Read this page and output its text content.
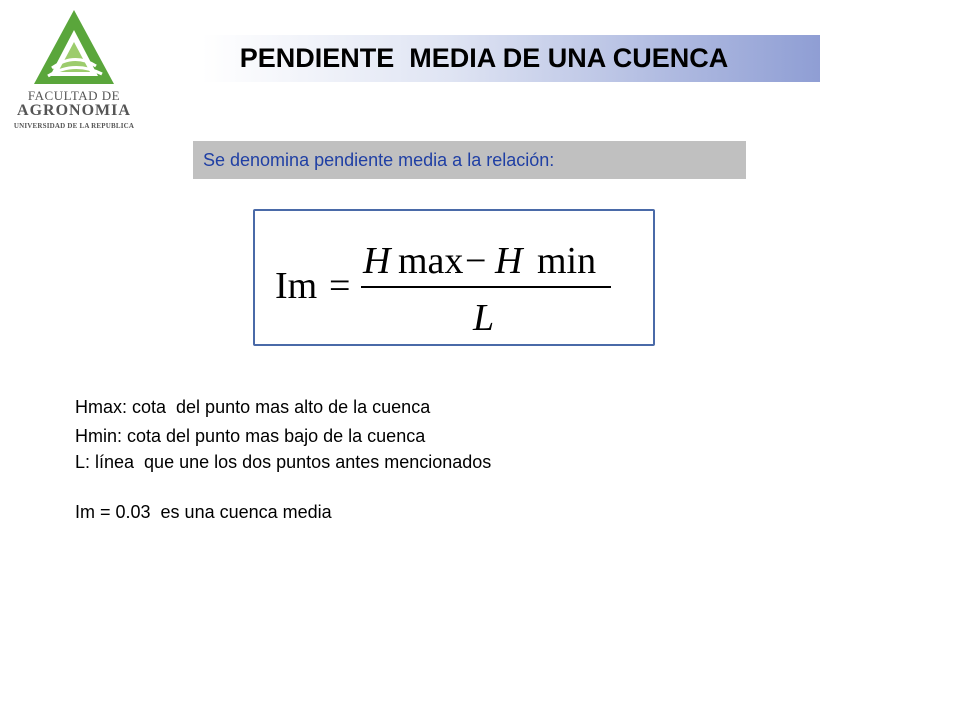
FACULTAD DE
AGRONOMIA
UNIVERSIDAD DE LA REPUBLICA
PENDIENTE  MEDIA DE UNA CUENCA
Se denomina pendiente media a la relación:
Im =
H max − H min
L
Hmax: cota  del punto mas alto de la cuenca
Hmin: cota del punto mas bajo de la cuenca
L: línea  que une los dos puntos antes mencionados
Im = 0.03  es una cuenca media
